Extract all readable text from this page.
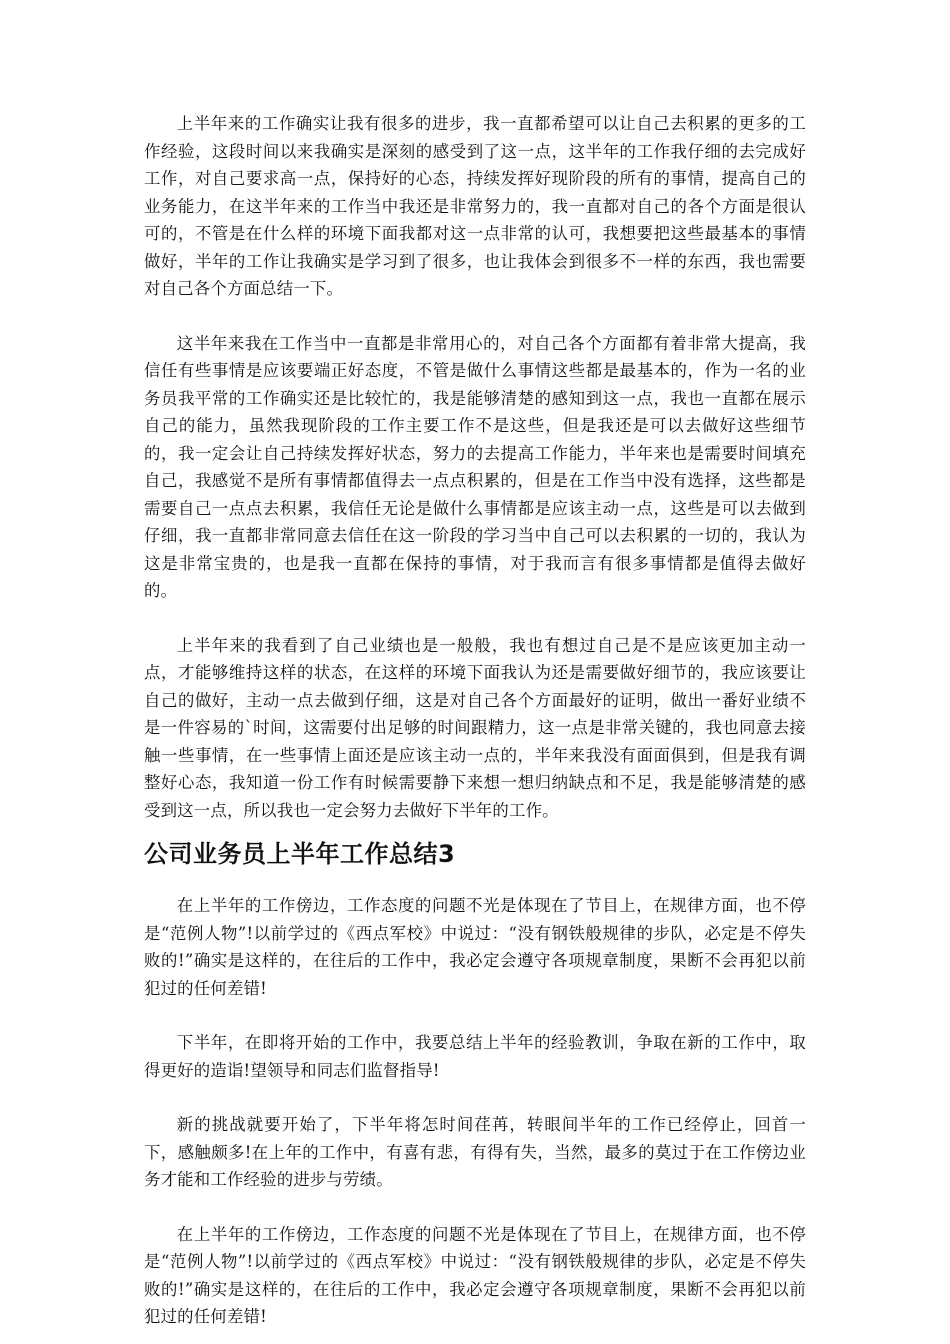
上半年来的工作确实让我有很多的进步，我一直都希望可以让自己去积累的更多的工作经验，这段时间以来我确实是深刻的感受到了这一点，这半年的工作我仔细的去完成好工作，对自己要求高一点，保持好的心态，持续发挥好现阶段的所有的事情，提高自己的业务能力，在这半年来的工作当中我还是非常努力的，我一直都对自己的各个方面是很认可的，不管是在什么样的环境下面我都对这一点非常的认可，我想要把这些最基本的事情做好，半年的工作让我确实是学习到了很多，也让我体会到很多不一样的东西，我也需要对自己各个方面总结一下。

这半年来我在工作当中一直都是非常用心的，对自己各个方面都有着非常大提高，我信任有些事情是应该要端正好态度，不管是做什么事情这些都是最基本的，作为一名的业务员我平常的工作确实还是比较忙的，我是能够清楚的感知到这一点，我也一直都在展示自己的能力，虽然我现阶段的工作主要工作不是这些，但是我还是可以去做好这些细节的，我一定会让自己持续发挥好状态，努力的去提高工作能力，半年来也是需要时间填充自己，我感觉不是所有事情都值得去一点点积累的，但是在工作当中没有选择，这些都是需要自己一点点去积累，我信任无论是做什么事情都是应该主动一点，这些是可以去做到仔细，我一直都非常同意去信任在这一阶段的学习当中自己可以去积累的一切的，我认为这是非常宝贵的，也是我一直都在保持的事情，对于我而言有很多事情都是值得去做好的。

上半年来的我看到了自己业绩也是一般般，我也有想过自己是不是应该更加主动一点，才能够维持这样的状态，在这样的环境下面我认为还是需要做好细节的，我应该要让自己的做好，主动一点去做到仔细，这是对自己各个方面最好的证明，做出一番好业绩不是一件容易的`时间，这需要付出足够的时间跟精力，这一点是非常关键的，我也同意去接触一些事情，在一些事情上面还是应该主动一点的，半年来我没有面面俱到，但是我有调整好心态，我知道一份工作有时候需要静下来想一想归纳缺点和不足，我是能够清楚的感受到这一点，所以我也一定会努力去做好下半年的工作。

公司业务员上半年工作总结3

在上半年的工作傍边，工作态度的问题不光是体现在了节目上，在规律方面，也不停是“范例人物”!以前学过的《西点军校》中说过：“没有钢铁般规律的步队，必定是不停失败的!”确实是这样的，在往后的工作中，我必定会遵守各项规章制度，果断不会再犯以前犯过的任何差错!

下半年，在即将开始的工作中，我要总结上半年的经验教训，争取在新的工作中，取得更好的造诣!望领导和同志们监督指导!

新的挑战就要开始了，下半年将怎时间荏苒，转眼间半年的工作已经停止，回首一下，感触颇多!在上年的工作中，有喜有悲，有得有失，当然，最多的莫过于在工作傍边业务才能和工作经验的进步与劳绩。

在上半年的工作傍边，工作态度的问题不光是体现在了节目上，在规律方面，也不停是“范例人物”!以前学过的《西点军校》中说过：“没有钢铁般规律的步队，必定是不停失败的!”确实是这样的，在往后的工作中，我必定会遵守各项规章制度，果断不会再犯以前犯过的任何差错!
